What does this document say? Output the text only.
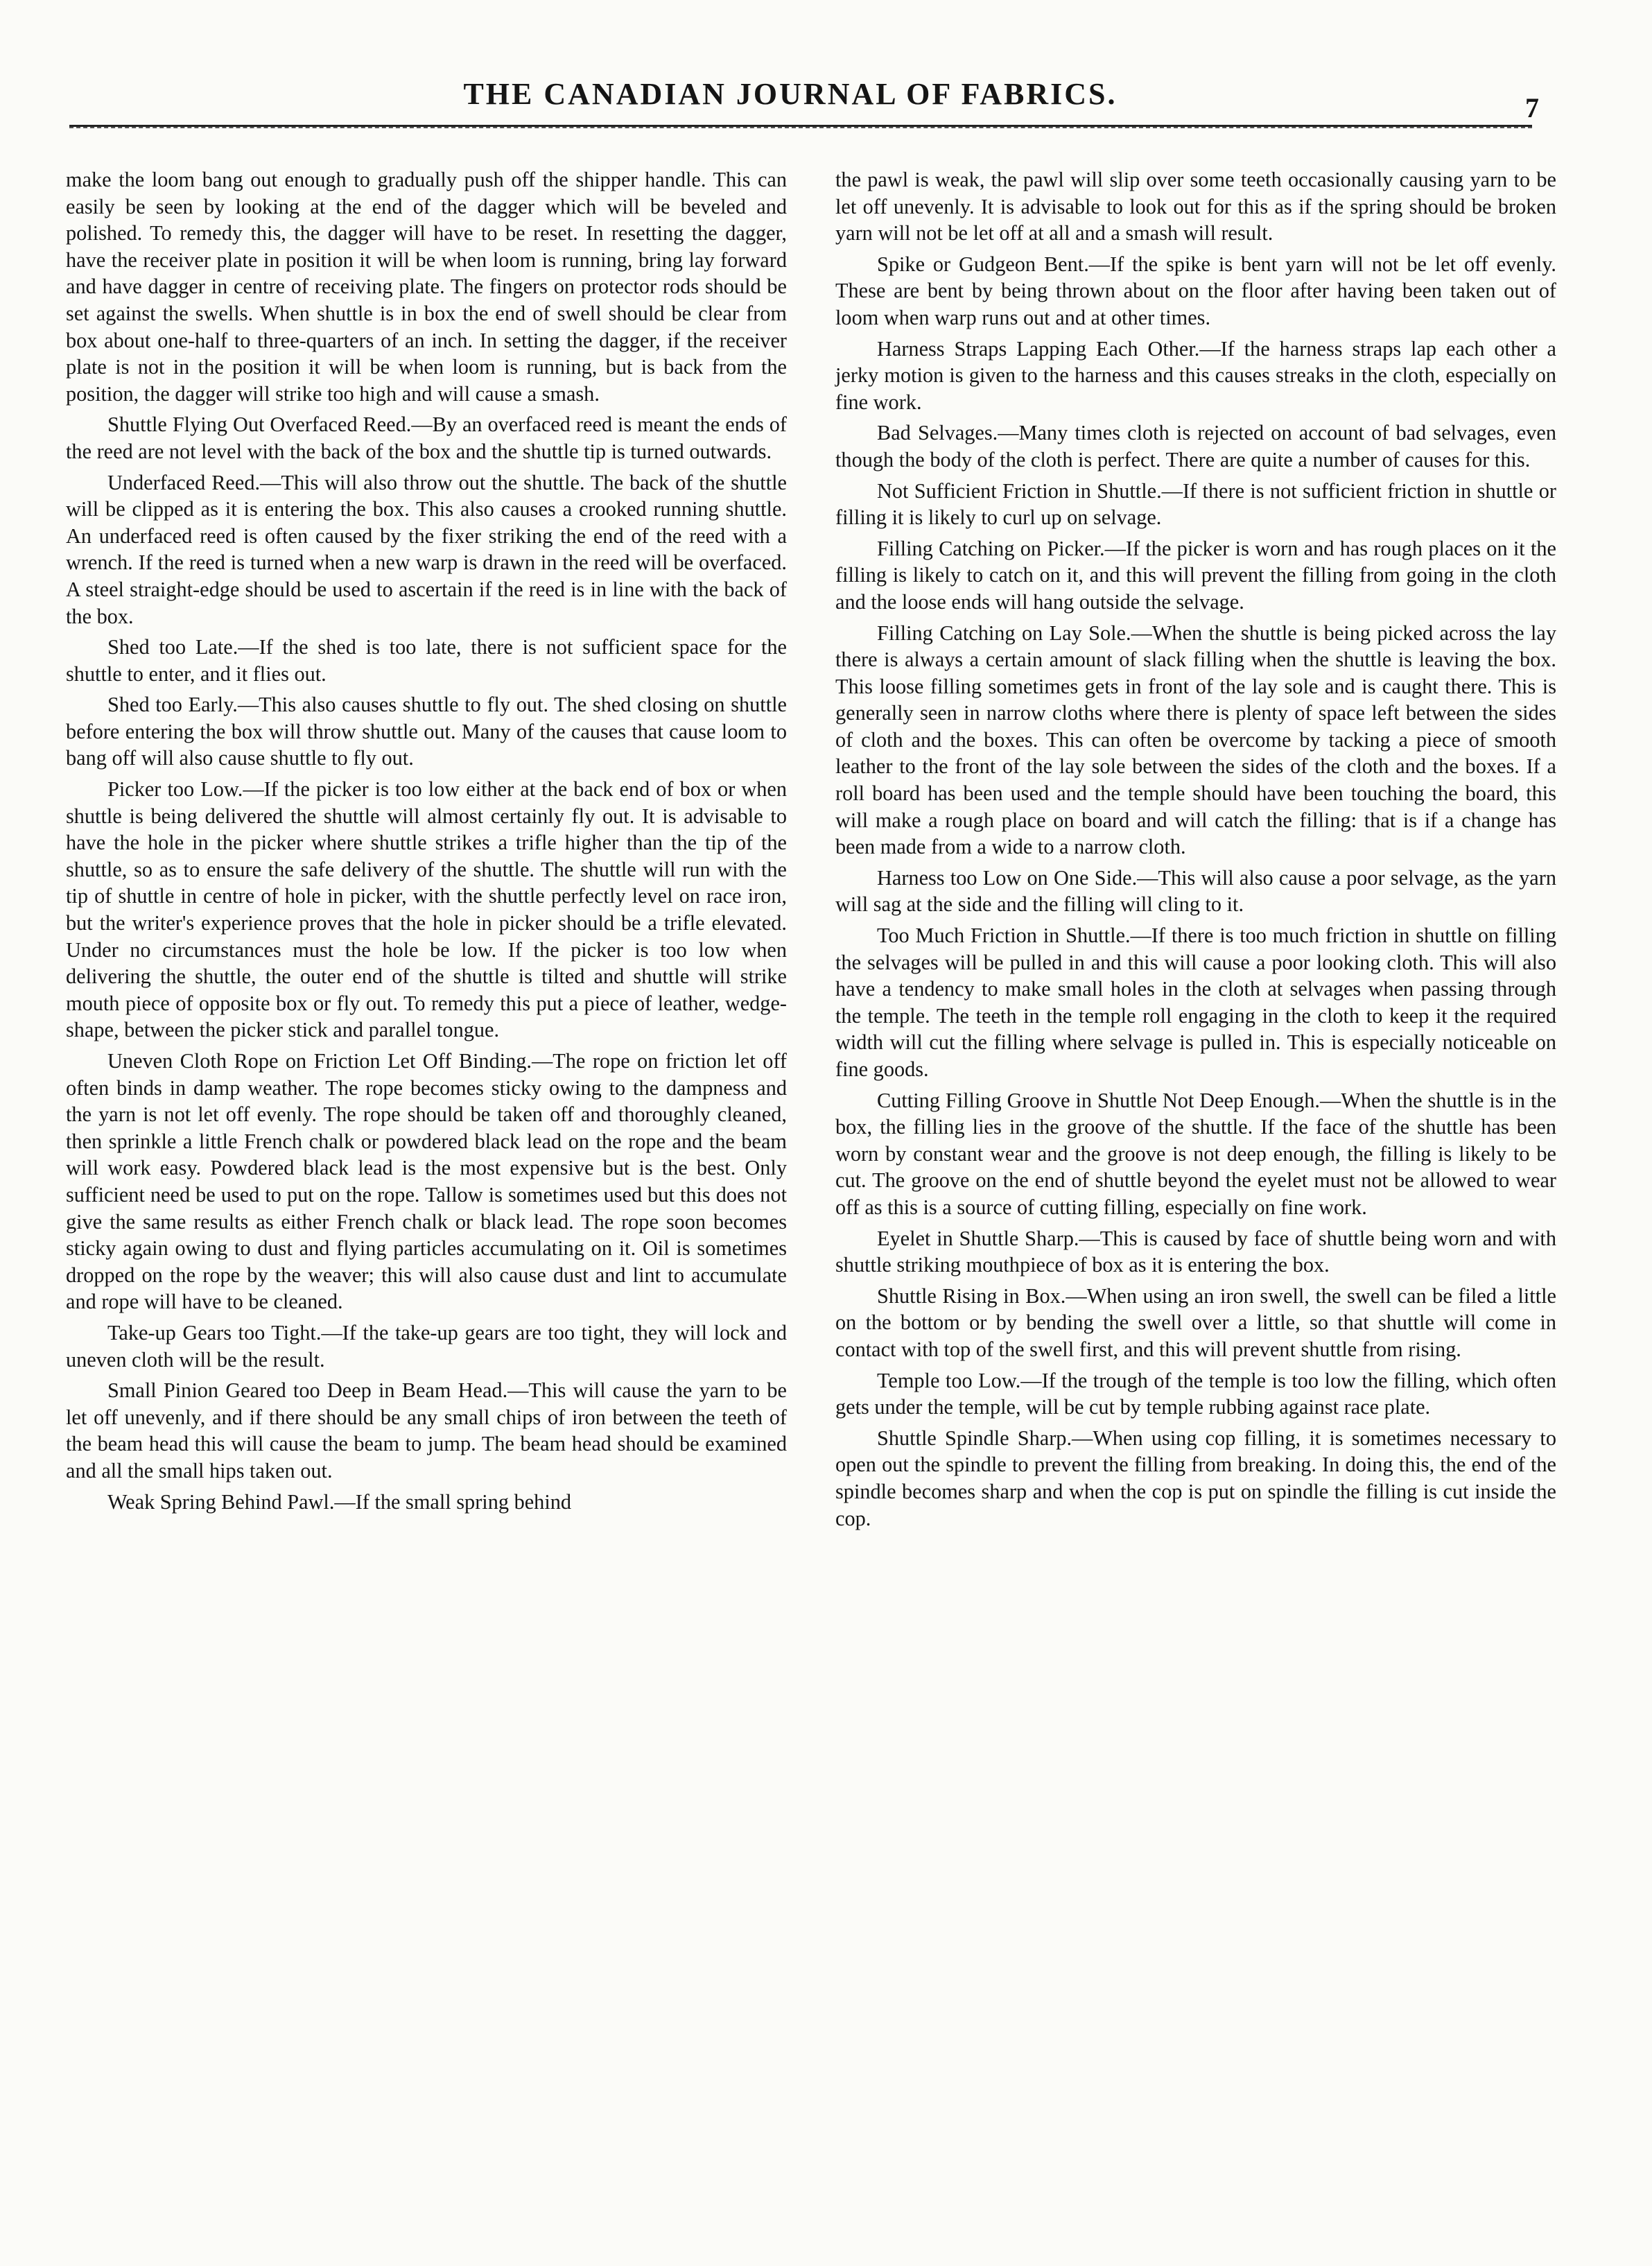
THE CANADIAN JOURNAL OF FABRICS.	7

make the loom bang out enough to gradually push off the shipper handle. This can easily be seen by looking at the end of the dagger which will be beveled and polished. To remedy this, the dagger will have to be reset. In resetting the dagger, have the receiver plate in position it will be when loom is running, bring lay forward and have dagger in centre of receiving plate. The fingers on protector rods should be set against the swells. When shuttle is in box the end of swell should be clear from box about one-half to three-quarters of an inch. In setting the dagger, if the receiver plate is not in the position it will be when loom is running, but is back from the position, the dagger will strike too high and will cause a smash.

Shuttle Flying Out Overfaced Reed.—By an overfaced reed is meant the ends of the reed are not level with the back of the box and the shuttle tip is turned outwards.

Underfaced Reed.—This will also throw out the shuttle. The back of the shuttle will be clipped as it is entering the box. This also causes a crooked running shuttle. An underfaced reed is often caused by the fixer striking the end of the reed with a wrench. If the reed is turned when a new warp is drawn in the reed will be overfaced. A steel straight-edge should be used to ascertain if the reed is in line with the back of the box.

Shed too Late.—If the shed is too late, there is not sufficient space for the shuttle to enter, and it flies out.

Shed too Early.—This also causes shuttle to fly out. The shed closing on shuttle before entering the box will throw shuttle out. Many of the causes that cause loom to bang off will also cause shuttle to fly out.

Picker too Low.—If the picker is too low either at the back end of box or when shuttle is being delivered the shuttle will almost certainly fly out. It is advisable to have the hole in the picker where shuttle strikes a trifle higher than the tip of the shuttle, so as to ensure the safe delivery of the shuttle. The shuttle will run with the tip of shuttle in centre of hole in picker, with the shuttle perfectly level on race iron, but the writer's experience proves that the hole in picker should be a trifle elevated. Under no circumstances must the hole be low. If the picker is too low when delivering the shuttle, the outer end of the shuttle is tilted and shuttle will strike mouth piece of opposite box or fly out. To remedy this put a piece of leather, wedge-shape, between the picker stick and parallel tongue.

Uneven Cloth Rope on Friction Let Off Binding.—The rope on friction let off often binds in damp weather. The rope becomes sticky owing to the dampness and the yarn is not let off evenly. The rope should be taken off and thoroughly cleaned, then sprinkle a little French chalk or powdered black lead on the rope and the beam will work easy. Powdered black lead is the most expensive but is the best. Only sufficient need be used to put on the rope. Tallow is sometimes used but this does not give the same results as either French chalk or black lead. The rope soon becomes sticky again owing to dust and flying particles accumulating on it. Oil is sometimes dropped on the rope by the weaver; this will also cause dust and lint to accumulate and rope will have to be cleaned.

Take-up Gears too Tight.—If the take-up gears are too tight, they will lock and uneven cloth will be the result.

Small Pinion Geared too Deep in Beam Head.—This will cause the yarn to be let off unevenly, and if there should be any small chips of iron between the teeth of the beam head this will cause the beam to jump. The beam head should be examined and all the small hips taken out.

Weak Spring Behind Pawl.—If the small spring behind

the pawl is weak, the pawl will slip over some teeth occasionally causing yarn to be let off unevenly. It is advisable to look out for this as if the spring should be broken yarn will not be let off at all and a smash will result.

Spike or Gudgeon Bent.—If the spike is bent yarn will not be let off evenly. These are bent by being thrown about on the floor after having been taken out of loom when warp runs out and at other times.

Harness Straps Lapping Each Other.—If the harness straps lap each other a jerky motion is given to the harness and this causes streaks in the cloth, especially on fine work.

Bad Selvages.—Many times cloth is rejected on account of bad selvages, even though the body of the cloth is perfect. There are quite a number of causes for this.

Not Sufficient Friction in Shuttle.—If there is not sufficient friction in shuttle or filling it is likely to curl up on selvage.

Filling Catching on Picker.—If the picker is worn and has rough places on it the filling is likely to catch on it, and this will prevent the filling from going in the cloth and the loose ends will hang outside the selvage.

Filling Catching on Lay Sole.—When the shuttle is being picked across the lay there is always a certain amount of slack filling when the shuttle is leaving the box. This loose filling sometimes gets in front of the lay sole and is caught there. This is generally seen in narrow cloths where there is plenty of space left between the sides of cloth and the boxes. This can often be overcome by tacking a piece of smooth leather to the front of the lay sole between the sides of the cloth and the boxes. If a roll board has been used and the temple should have been touching the board, this will make a rough place on board and will catch the filling: that is if a change has been made from a wide to a narrow cloth.

Harness too Low on One Side.—This will also cause a poor selvage, as the yarn will sag at the side and the filling will cling to it.

Too Much Friction in Shuttle.—If there is too much friction in shuttle on filling the selvages will be pulled in and this will cause a poor looking cloth. This will also have a tendency to make small holes in the cloth at selvages when passing through the temple. The teeth in the temple roll engaging in the cloth to keep it the required width will cut the filling where selvage is pulled in. This is especially noticeable on fine goods.

Cutting Filling Groove in Shuttle Not Deep Enough.—When the shuttle is in the box, the filling lies in the groove of the shuttle. If the face of the shuttle has been worn by constant wear and the groove is not deep enough, the filling is likely to be cut. The groove on the end of shuttle beyond the eyelet must not be allowed to wear off as this is a source of cutting filling, especially on fine work.

Eyelet in Shuttle Sharp.—This is caused by face of shuttle being worn and with shuttle striking mouthpiece of box as it is entering the box.

Shuttle Rising in Box.—When using an iron swell, the swell can be filed a little on the bottom or by bending the swell over a little, so that shuttle will come in contact with top of the swell first, and this will prevent shuttle from rising.

Temple too Low.—If the trough of the temple is too low the filling, which often gets under the temple, will be cut by temple rubbing against race plate.

Shuttle Spindle Sharp.—When using cop filling, it is sometimes necessary to open out the spindle to prevent the filling from breaking. In doing this, the end of the spindle becomes sharp and when the cop is put on spindle the filling is cut inside the cop.
